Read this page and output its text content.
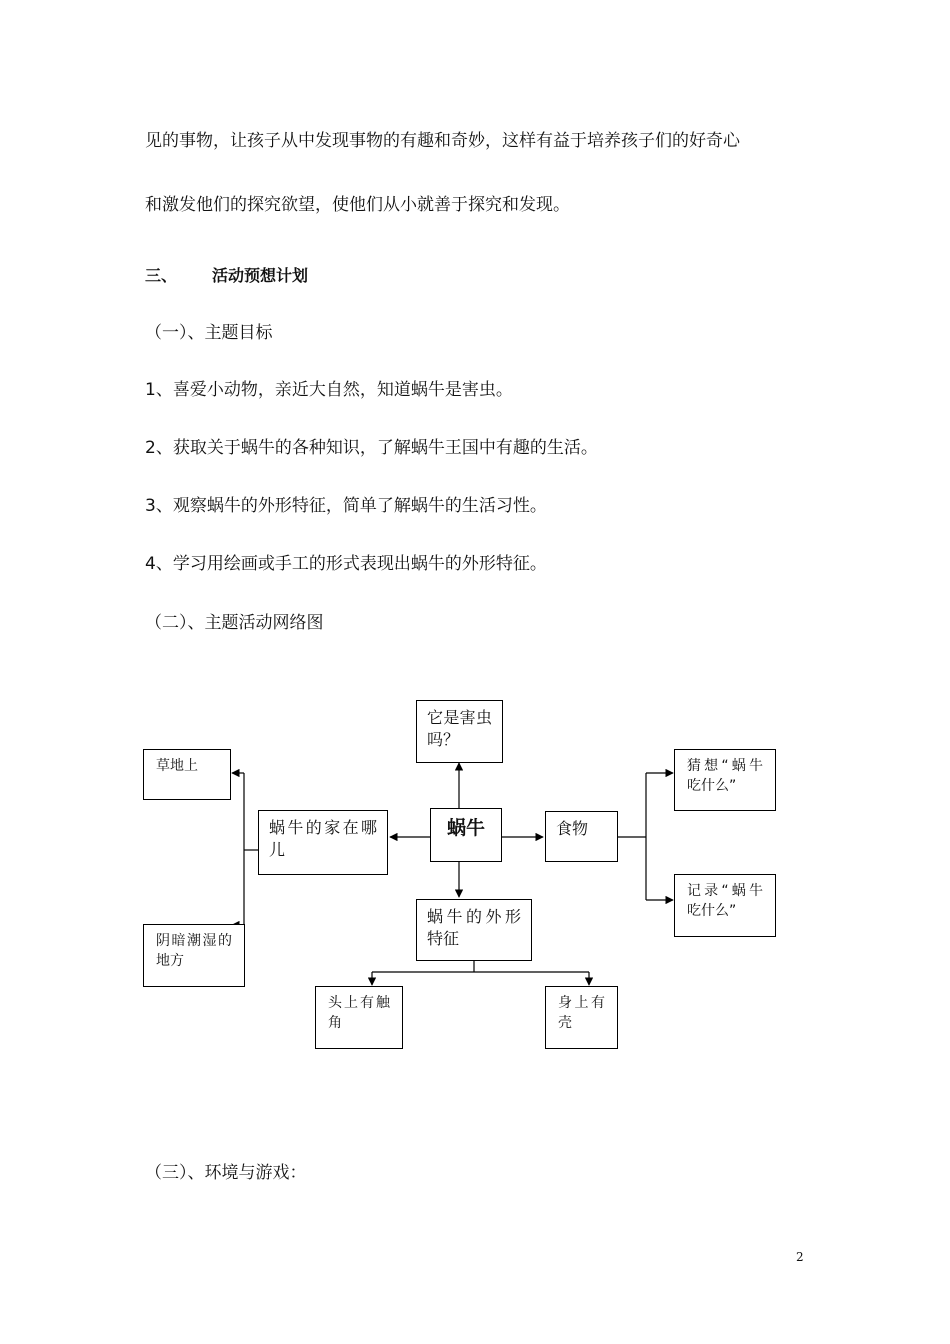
见的事物，让孩子从中发现事物的有趣和奇妙，这样有益于培养孩子们的好奇心
和激发他们的探究欲望，使他们从小就善于探究和发现。
三、 活动预想计划
（一）、主题目标
1、喜爱小动物，亲近大自然，知道蜗牛是害虫。
2、获取关于蜗牛的各种知识，了解蜗牛王国中有趣的生活。
3、观察蜗牛的外形特征，简单了解蜗牛的生活习性。
4、学习用绘画或手工的形式表现出蜗牛的外形特征。
（二）、主题活动网络图
它是害虫吗？
草地上	猜想“蜗牛吃什么”
蜗牛的家在哪儿
蜗牛	食物
记录“蜗牛吃什么”
蜗牛的外形特征
阴暗潮湿的地方
头上有触角
身上有壳
（三）、环境与游戏：
2
